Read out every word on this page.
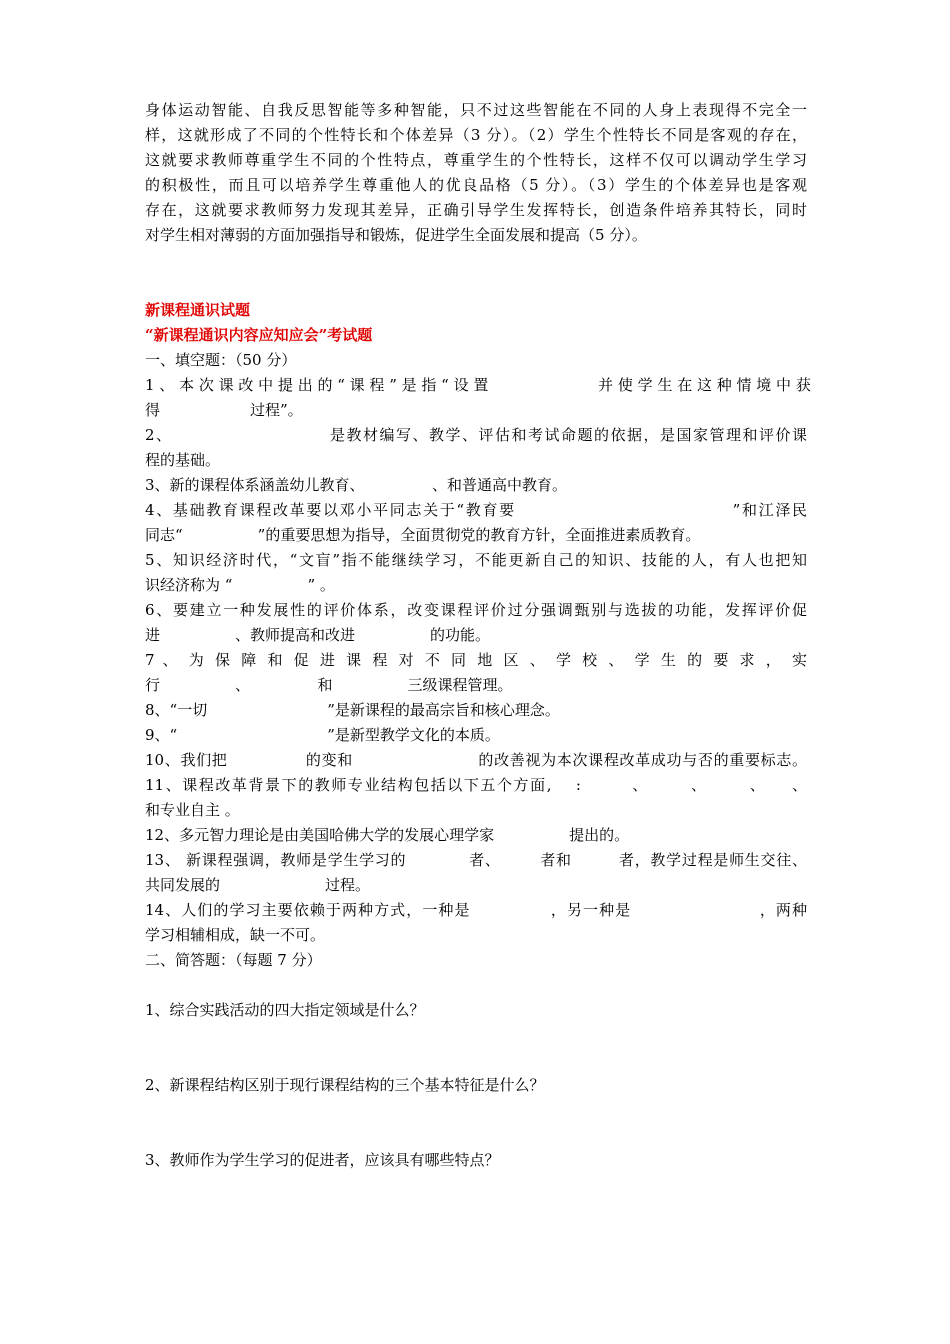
身体运动智能、自我反思智能等多种智能，只不过这些智能在不同的人身上表现得不完全一
样，这就形成了不同的个性特长和个体差异（3 分）。（2）学生个性特长不同是客观的存在，
这就要求教师尊重学生不同的个性特点，尊重学生的个性特长，这样不仅可以调动学生学习
的积极性，而且可以培养学生尊重他人的优良品格（5 分）。（3）学生的个体差异也是客观
存在，这就要求教师努力发现其差异，正确引导学生发挥特长，创造条件培养其特长，同时
对学生相对薄弱的方面加强指导和锻炼，促进学生全面发展和提高（5 分）。
新课程通识试题
“新课程通识内容应知应会”考试题
一、填空题：（50 分）
1 、 本 次 课 改 中 提 出 的 “ 课 程 ” 是 指 “ 设 置　　　　　　　 并 使 学 生 在 这 种 情 境 中 获
得　　　　　　过程”。
2、　　　　　　　　　　是教材编写、教学、评估和考试命题的依据，是国家管理和评价课
程的基础。
3、新的课程体系涵盖幼儿教育、　　　　　、和普通高中教育。
4、基础教育课程改革要以邓小平同志关于“教育要　　　　　　　　　　　　　”和江泽民
同志“　　　　　”的重要思想为指导，全面贯彻党的教育方针，全面推进素质教育。
5、知识经济时代，“文盲”指不能继续学习，不能更新自己的知识、技能的人，有人也把知
识经济称为 “　　　　　” 。
6、要建立一种发展性的评价体系，改变课程评价过分强调甄别与选拔的功能，发挥评价促
进　　　　　、教师提高和改进　　　　　的功能。
7 、 为 保 障 和 促 进 课 程 对 不 同 地 区 、 学 校 、 学 生 的 要 求 ， 实
行　　　　　、　　　　　和　　　　　三级课程管理。
8、“一切　　　　　　　　”是新课程的最高宗旨和核心理念。
9、“　　　　　　　　　　”是新型教学文化的本质。
10、我们把　　　　　的变和　　　　　　　　的改善视为本次课程改革成功与否的重要标志。
11、课程改革背景下的教师专业结构包括以下五个方面,　 :　　　、　　　、　　　、　　、
和专业自主 。
12、多元智力理论是由美国哈佛大学的发展心理学家　　　　　提出的。
13、 新课程强调，教师是学生学习的　　　　者、　　　者和　　　者，教学过程是师生交往、
共同发展的　　　　　　　过程。
14、人们的学习主要依赖于两种方式，一种是　　　　　，另一种是　　　　　　　　，两种
学习相辅相成，缺一不可。
二、简答题：（每题 7 分）
1、综合实践活动的四大指定领域是什么？
2、新课程结构区别于现行课程结构的三个基本特征是什么？
3、教师作为学生学习的促进者，应该具有哪些特点？
